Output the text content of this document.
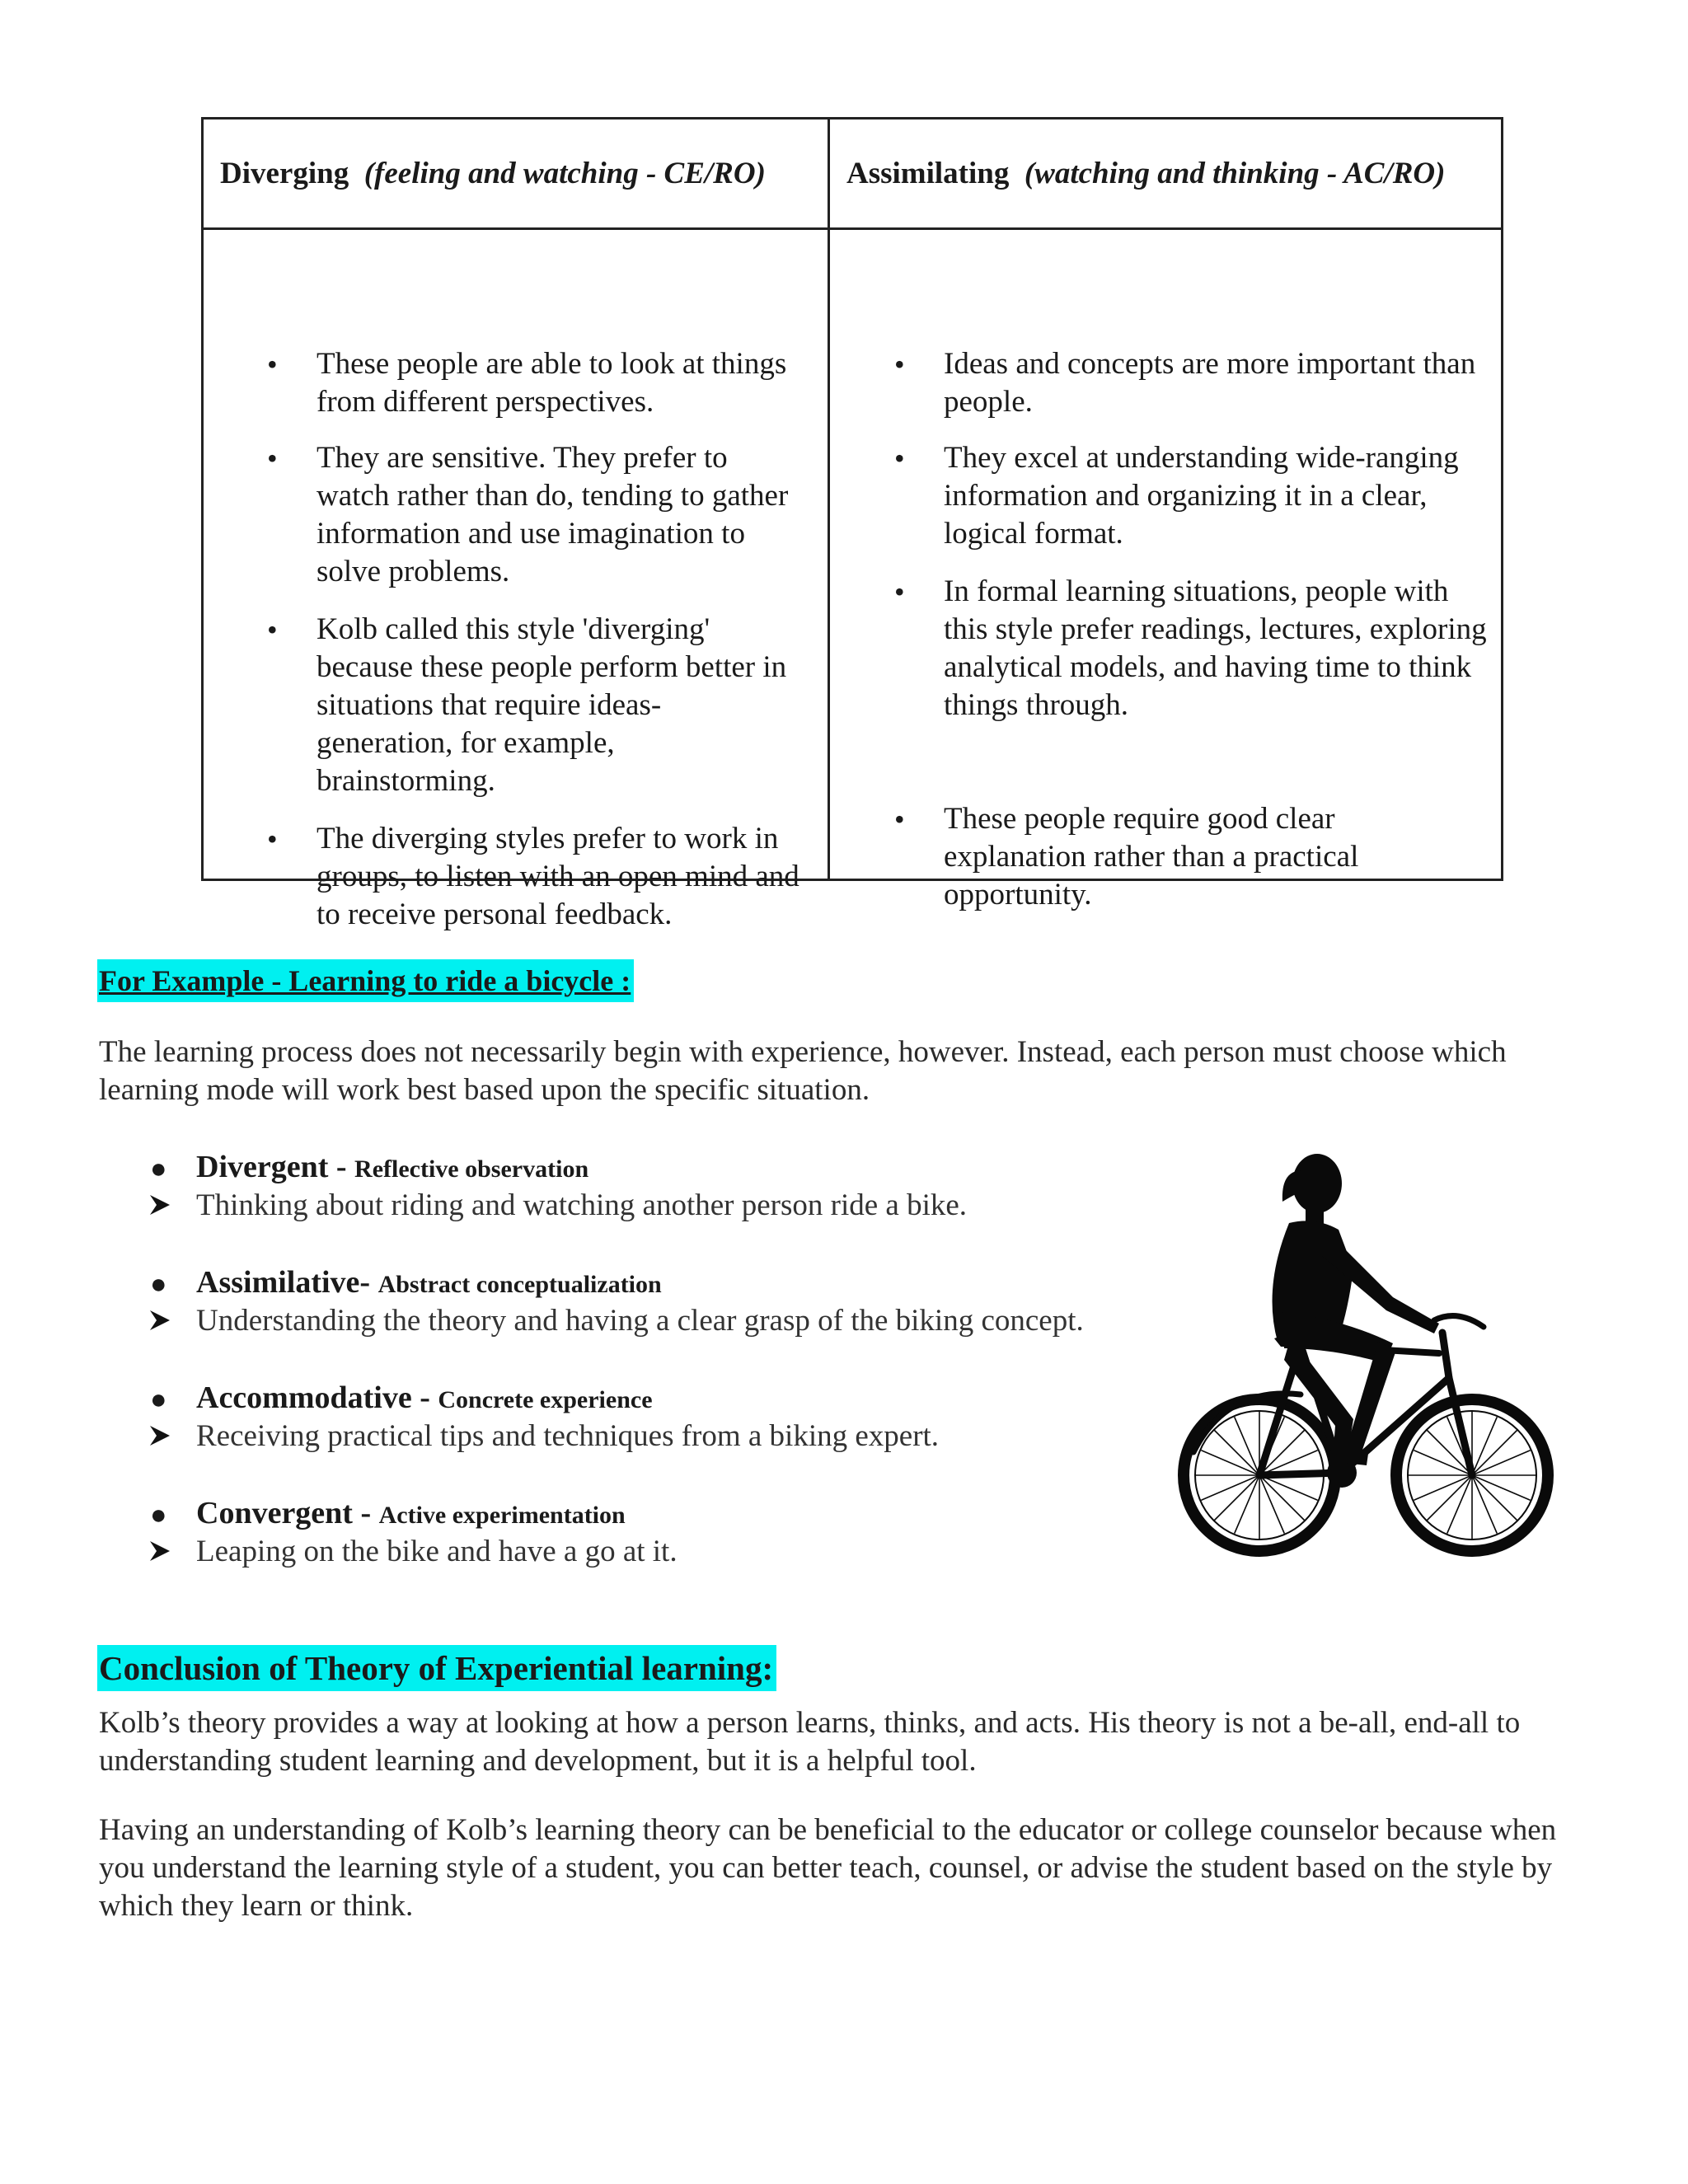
Diverging
(feeling and watching - CE/RO)	Assimilating
(watching and thinking - AC/RO)
• These people are able to look at things from different perspectives.
• They are sensitive. They prefer to watch rather than do, tending to gather information and use imagination to solve problems.
• Kolb called this style 'diverging' because these people perform better in situations that require ideas-generation, for example, brainstorming.
• The diverging styles prefer to work in groups, to listen with an open mind and to receive personal feedback.
• Ideas and concepts are more important than people.
• They excel at understanding wide-ranging information and organizing it in a clear, logical format.
• In formal learning situations, people with this style prefer readings, lectures, exploring analytical models, and having time to think things through.
• These people require good clear explanation rather than a practical opportunity.
For Example - Learning to ride a bicycle :
The learning process does not necessarily begin with experience, however. Instead, each person must choose which learning mode will work best based upon the specific situation.
● Divergent - Reflective observation
Thinking about riding and watching another person ride a bike.
● Assimilative- Abstract conceptualization
Understanding the theory and having a clear grasp of the biking concept.
● Accommodative - Concrete experience
Receiving practical tips and techniques from a biking expert.
● Convergent - Active experimentation
Leaping on the bike and have a go at it.
Conclusion of Theory of Experiential learning:
Kolb’s theory provides a way at looking at how a person learns, thinks, and acts. His theory is not a be-all, end-all to understanding student learning and development, but it is a helpful tool.
Having an understanding of Kolb’s learning theory can be beneficial to the educator or college counselor because when you understand the learning style of a student, you can better teach, counsel, or advise the student based on the style by which they learn or think.
